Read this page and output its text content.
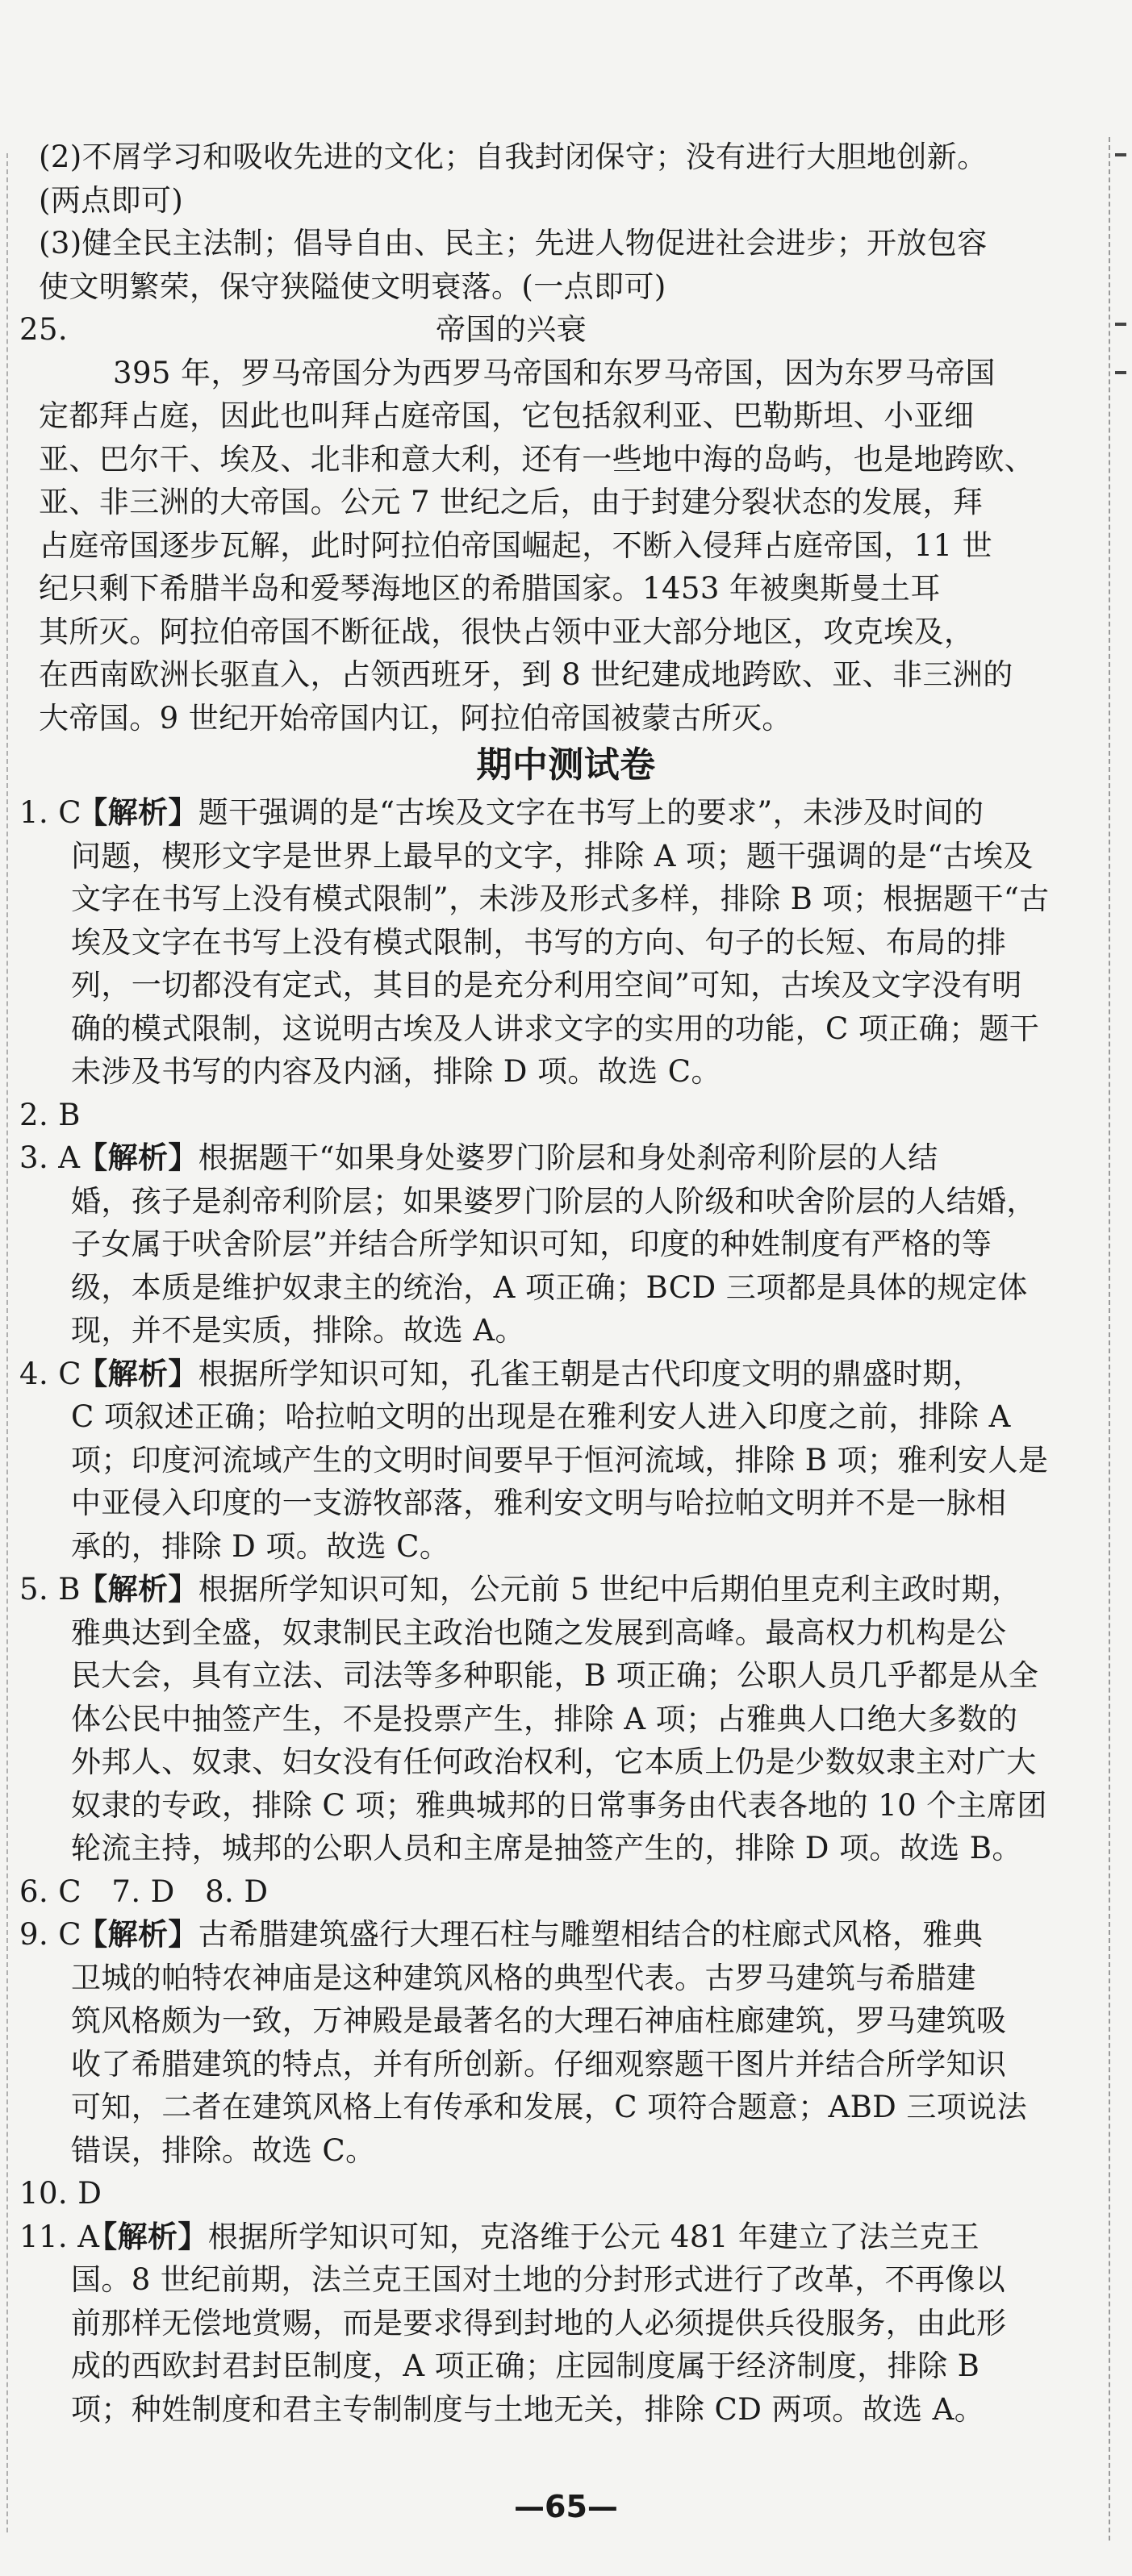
(2)不屑学习和吸收先进的文化；自我封闭保守；没有进行大胆地创新。
(两点即可)
(3)健全民主法制；倡导自由、民主；先进人物促进社会进步；开放包容
使文明繁荣，保守狭隘使文明衰落。(一点即可)
25.	帝国的兴衰
395 年，罗马帝国分为西罗马帝国和东罗马帝国，因为东罗马帝国
定都拜占庭，因此也叫拜占庭帝国，它包括叙利亚、巴勒斯坦、小亚细
亚、巴尔干、埃及、北非和意大利，还有一些地中海的岛屿，也是地跨欧、
亚、非三洲的大帝国。公元 7 世纪之后，由于封建分裂状态的发展，拜
占庭帝国逐步瓦解，此时阿拉伯帝国崛起，不断入侵拜占庭帝国，11 世
纪只剩下希腊半岛和爱琴海地区的希腊国家。1453 年被奥斯曼土耳
其所灭。阿拉伯帝国不断征战，很快占领中亚大部分地区，攻克埃及，
在西南欧洲长驱直入，占领西班牙，到 8 世纪建成地跨欧、亚、非三洲的
大帝国。9 世纪开始帝国内讧，阿拉伯帝国被蒙古所灭。
期中测试卷
1. C 【解析】题干强调的是“古埃及文字在书写上的要求”，未涉及时间的
问题，楔形文字是世界上最早的文字，排除 A 项；题干强调的是“古埃及
文字在书写上没有模式限制”，未涉及形式多样，排除 B 项；根据题干“古
埃及文字在书写上没有模式限制，书写的方向、句子的长短、布局的排
列，一切都没有定式，其目的是充分利用空间”可知，古埃及文字没有明
确的模式限制，这说明古埃及人讲求文字的实用的功能，C 项正确；题干
未涉及书写的内容及内涵，排除 D 项。故选 C。
2. B
3. A 【解析】根据题干“如果身处婆罗门阶层和身处刹帝利阶层的人结
婚，孩子是刹帝利阶层；如果婆罗门阶层的人阶级和吠舍阶层的人结婚，
子女属于吠舍阶层”并结合所学知识可知，印度的种姓制度有严格的等
级，本质是维护奴隶主的统治，A 项正确；BCD 三项都是具体的规定体
现，并不是实质，排除。故选 A。
4. C 【解析】根据所学知识可知，孔雀王朝是古代印度文明的鼎盛时期，
C 项叙述正确；哈拉帕文明的出现是在雅利安人进入印度之前，排除 A
项；印度河流域产生的文明时间要早于恒河流域，排除 B 项；雅利安人是
中亚侵入印度的一支游牧部落，雅利安文明与哈拉帕文明并不是一脉相
承的，排除 D 项。故选 C。
5. B 【解析】根据所学知识可知，公元前 5 世纪中后期伯里克利主政时期，
雅典达到全盛，奴隶制民主政治也随之发展到高峰。最高权力机构是公
民大会，具有立法、司法等多种职能，B 项正确；公职人员几乎都是从全
体公民中抽签产生，不是投票产生，排除 A 项；占雅典人口绝大多数的
外邦人、奴隶、妇女没有任何政治权利，它本质上仍是少数奴隶主对广大
奴隶的专政，排除 C 项；雅典城邦的日常事务由代表各地的 10 个主席团
轮流主持，城邦的公职人员和主席是抽签产生的，排除 D 项。故选 B。
6. C　7. D　8. D
9. C 【解析】古希腊建筑盛行大理石柱与雕塑相结合的柱廊式风格，雅典
卫城的帕特农神庙是这种建筑风格的典型代表。古罗马建筑与希腊建
筑风格颇为一致，万神殿是最著名的大理石神庙柱廊建筑，罗马建筑吸
收了希腊建筑的特点，并有所创新。仔细观察题干图片并结合所学知识
可知，二者在建筑风格上有传承和发展，C 项符合题意；ABD 三项说法
错误，排除。故选 C。
10. D
11. A 【解析】根据所学知识可知，克洛维于公元 481 年建立了法兰克王
国。8 世纪前期，法兰克王国对土地的分封形式进行了改革，不再像以
前那样无偿地赏赐，而是要求得到封地的人必须提供兵役服务，由此形
成的西欧封君封臣制度，A 项正确；庄园制度属于经济制度，排除 B
项；种姓制度和君主专制制度与土地无关，排除 CD 两项。故选 A。
—65—
